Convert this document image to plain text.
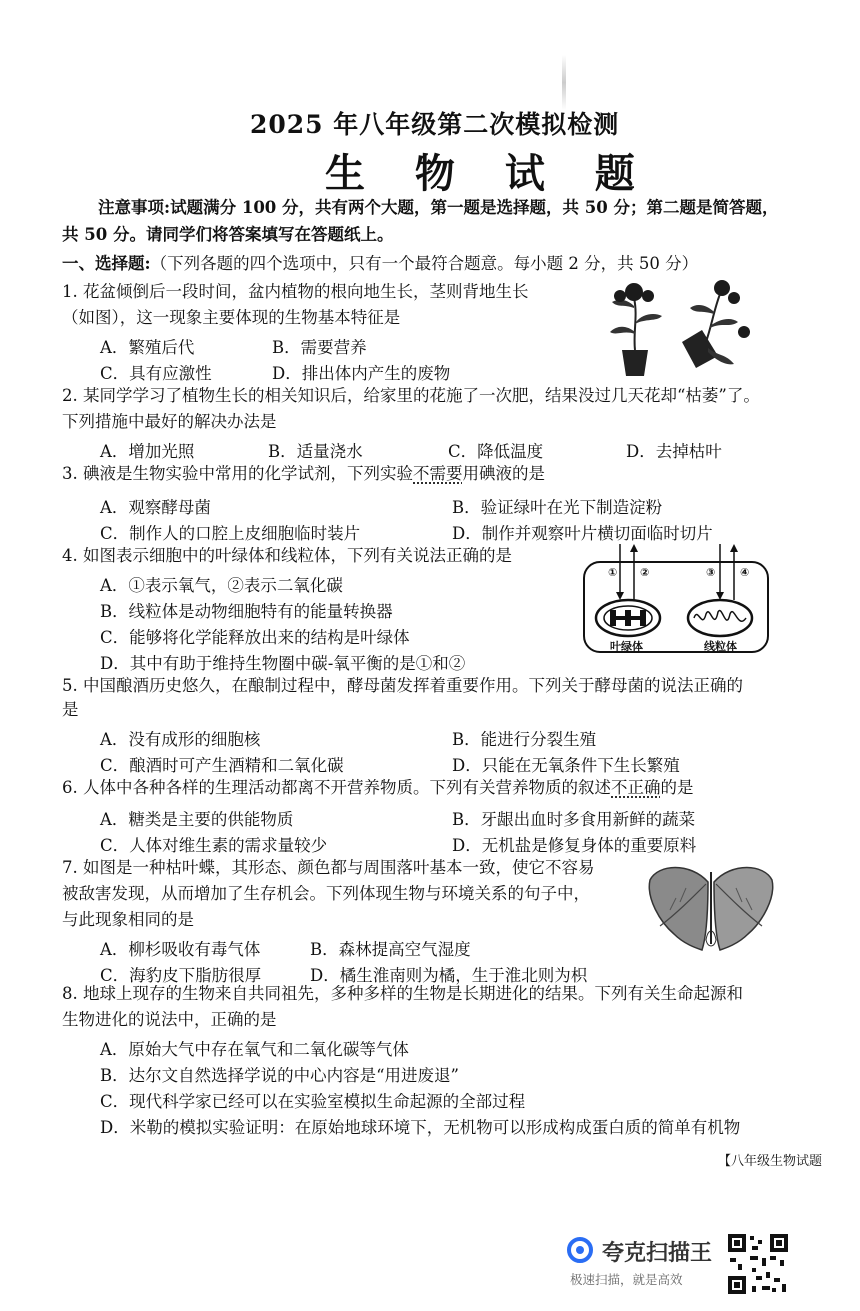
2025 年八年级第二次模拟检测
生 物 试 题
注意事项:试题满分 100 分，共有两个大题，第一题是选择题，共 50 分；第二题是简答题，
共 50 分。请同学们将答案填写在答题纸上。
一、选择题:（下列各题的四个选项中，只有一个最符合题意。每小题 2 分，共 50 分）
1. 花盆倾倒后一段时间，盆内植物的根向地生长，茎则背地生长
（如图），这一现象主要体现的生物基本特征是
A．繁殖后代	B．需要营养
C．具有应激性	D．排出体内产生的废物
2. 某同学学习了植物生长的相关知识后，给家里的花施了一次肥，结果没过几天花却“枯萎”了。
下列措施中最好的解决办法是
A．增加光照	B．适量浇水	C．降低温度	D．去掉枯叶
3. 碘液是生物实验中常用的化学试剂，下列实验不需要用碘液的是
A．观察酵母菌	B．验证绿叶在光下制造淀粉
C．制作人的口腔上皮细胞临时装片	D．制作并观察叶片横切面临时切片
4. 如图表示细胞中的叶绿体和线粒体，下列有关说法正确的是
A．①表示氧气，②表示二氧化碳
B．线粒体是动物细胞特有的能量转换器
C．能够将化学能释放出来的结构是叶绿体
D．其中有助于维持生物圈中碳-氧平衡的是①和②
① ②	③ ④
叶绿体	线粒体
5. 中国酿酒历史悠久，在酿制过程中，酵母菌发挥着重要作用。下列关于酵母菌的说法正确的
是
A．没有成形的细胞核	B．能进行分裂生殖
C．酿酒时可产生酒精和二氧化碳	D．只能在无氧条件下生长繁殖
6. 人体中各种各样的生理活动都离不开营养物质。下列有关营养物质的叙述不正确的是
A．糖类是主要的供能物质	B．牙龈出血时多食用新鲜的蔬菜
C．人体对维生素的需求量较少	D．无机盐是修复身体的重要原料
7. 如图是一种枯叶蝶，其形态、颜色都与周围落叶基本一致，使它不容易
被敌害发现，从而增加了生存机会。下列体现生物与环境关系的句子中，
与此现象相同的是
A．柳杉吸收有毒气体	B．森林提高空气湿度
C．海豹皮下脂肪很厚	D．橘生淮南则为橘，生于淮北则为枳
8. 地球上现存的生物来自共同祖先，多种多样的生物是长期进化的结果。下列有关生命起源和
生物进化的说法中，正确的是
A．原始大气中存在氧气和二氧化碳等气体
B．达尔文自然选择学说的中心内容是“用进废退”
C．现代科学家已经可以在实验室模拟生命起源的全部过程
D．米勒的模拟实验证明：在原始地球环境下，无机物可以形成构成蛋白质的简单有机物
【八年级生物试题
夸克扫描王
极速扫描，就是高效
